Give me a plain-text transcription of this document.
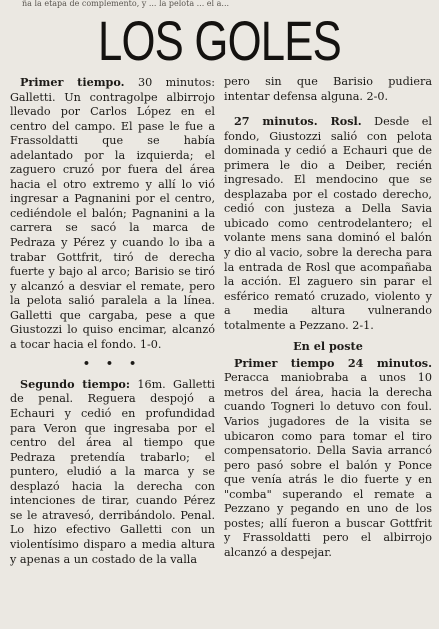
ña la etapa de complemento, y ... la pelota ... el a...
LOS GOLES

Primer tiempo. 30 minutos: Galletti. Un contragolpe albirrojo llevado por Carlos López en el centro del campo. El pase le fue a Frassoldatti que se había adelantado por la izquierda; el zaguero cruzó por fuera del área hacia el otro extremo y allí lo vió ingresar a Pagnanini por el centro, cediéndole el balón; Pagnanini a la carrera se sacó la marca de Pedraza y Pérez y cuando lo iba a trabar Gottfrit, tiró de derecha fuerte y bajo al arco; Barisio se tiró y alcanzó a desviar el remate, pero la pelota salió paralela a la línea. Galletti que cargaba, pese a que Giustozzi lo quiso encimar, alcanzó a tocar hacia el fondo. 1-0.

• • •

Segundo tiempo: 16m. Galletti de penal. Reguera despojó a Echauri y cedió en profundidad para Veron que ingresaba por el centro del área al tiempo que Pedraza pretendía trabarlo; el puntero, eludió a la marca y se desplazó hacia la derecha con intenciones de tirar, cuando Pérez se le atravesó, derribándolo. Penal. Lo hizo efectivo Galletti con un violentísimo disparo a media altura y apenas a un costado de la valla

pero sin que Barisio pudiera intentar defensa alguna. 2-0.

27 minutos. Rosl. Desde el fondo, Giustozzi salió con pelota dominada y cedió a Echauri que de primera le dio a Deiber, recién ingresado. El mendocino que se desplazaba por el costado derecho, cedió con justeza a Della Savia ubicado como centrodelantero; el volante mens sana dominó el balón y dio al vacio, sobre la derecha para la entrada de Rosl que acompañaba la acción. El zaguero sin parar el esférico remató cruzado, violento y a media altura vulnerando totalmente a Pezzano. 2-1.

En el poste

Primer tiempo 24 minutos. Peracca maniobraba a unos 10 metros del área, hacia la derecha cuando Togneri lo detuvo con foul. Varios jugadores de la visita se ubicaron como para tomar el tiro compensatorio. Della Savia arrancó pero pasó sobre el balón y Ponce que venía atrás le dio fuerte y en "comba" superando el remate a Pezzano y pegando en uno de los postes; allí fueron a buscar Gottfrit y Frassoldatti pero el albirrojo alcanzó a despejar.
